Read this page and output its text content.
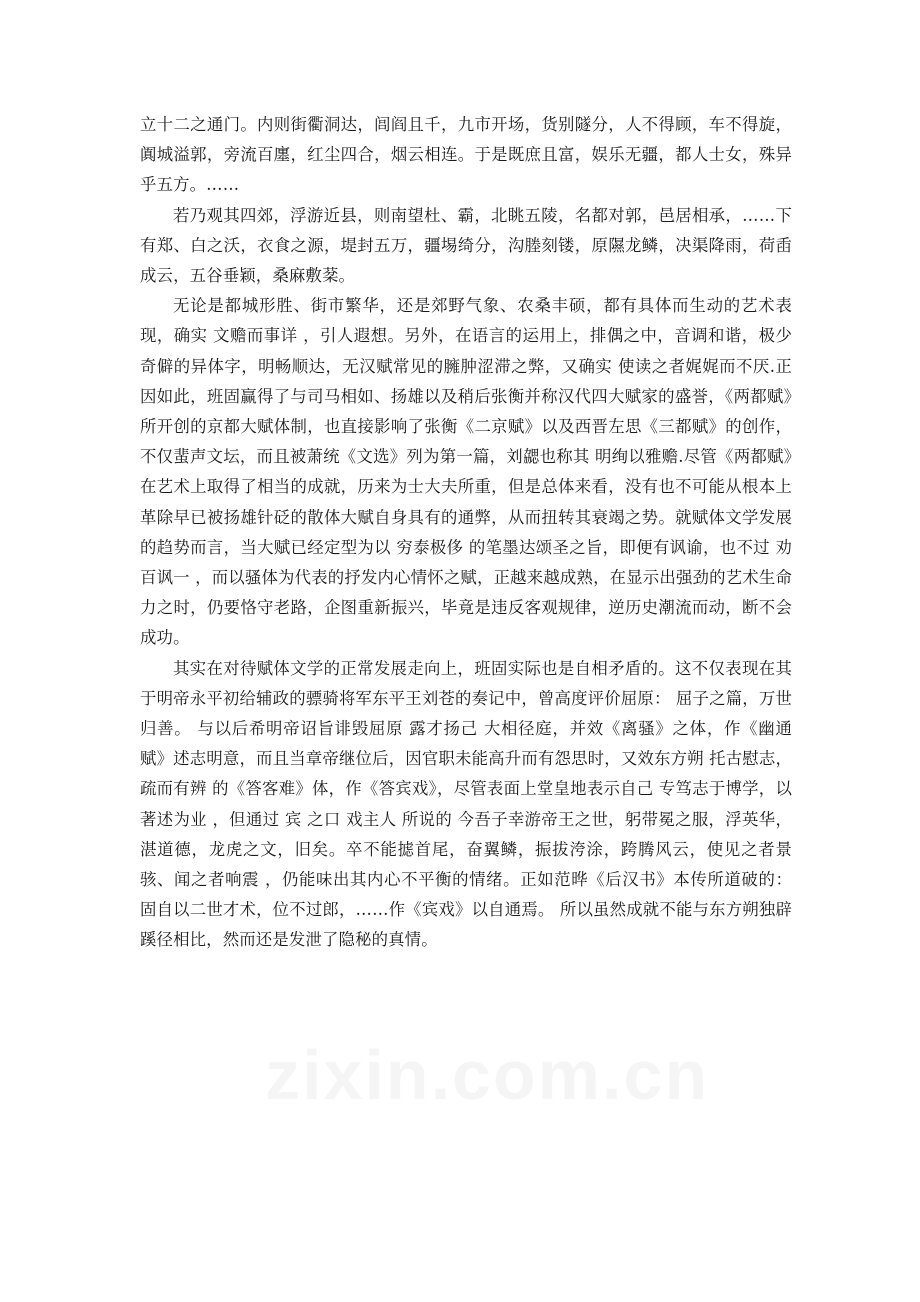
立十二之通门。内则街衢洞达，闾阎且千，九市开场，货别隧分，人不得顾，车不得旋，阗城溢郭，旁流百廛，红尘四合，烟云相连。于是既庶且富，娱乐无疆，都人士女，殊异乎五方。……

若乃观其四郊，浮游近县，则南望杜、霸，北眺五陵，名都对郭，邑居相承，……下有郑、白之沃，衣食之源，堤封五万，疆埸绮分，沟塍刻镂，原隰龙鳞，决渠降雨，荷臿成云，五谷垂颖，桑麻敷棻。

无论是都城形胜、街市繁华，还是郊野气象、农桑丰硕，都有具体而生动的艺术表现，确实 文赡而事详 ，引人遐想。另外，在语言的运用上，排偶之中，音调和谐，极少奇僻的异体字，明畅顺达，无汉赋常见的臃肿涩滞之弊，又确实 使读之者娓娓而不厌.正因如此，班固赢得了与司马相如、扬雄以及稍后张衡并称汉代四大赋家的盛誉，《两都赋》所开创的京都大赋体制，也直接影响了张衡《二京赋》以及西晋左思《三都赋》的创作，不仅蜚声文坛，而且被萧统《文选》列为第一篇，刘勰也称其 明绚以雅赡.尽管《两都赋》在艺术上取得了相当的成就，历来为士大夫所重，但是总体来看，没有也不可能从根本上革除早已被扬雄针砭的散体大赋自身具有的通弊，从而扭转其衰竭之势。就赋体文学发展的趋势而言，当大赋已经定型为以 穷泰极侈 的笔墨达颂圣之旨，即便有讽谕，也不过 劝百讽一 ，而以骚体为代表的抒发内心情怀之赋，正越来越成熟，在显示出强劲的艺术生命力之时，仍要恪守老路，企图重新振兴，毕竟是违反客观规律，逆历史潮流而动，断不会成功。

其实在对待赋体文学的正常发展走向上，班固实际也是自相矛盾的。这不仅表现在其于明帝永平初给辅政的骠骑将军东平王刘苍的奏记中，曾高度评价屈原： 屈子之篇，万世归善。 与以后希明帝诏旨诽毁屈原 露才扬己 大相径庭，并效《离骚》之体，作《幽通赋》述志明意，而且当章帝继位后，因官职未能高升而有怨思时，又效东方朔 托古慰志，疏而有辨 的《答客难》体，作《答宾戏》，尽管表面上堂皇地表示自己 专笃志于博学，以著述为业 ，但通过 宾 之口 戏主人 所说的 今吾子幸游帝王之世，躬带冕之服，浮英华，湛道德，龙虎之文，旧矣。卒不能摅首尾，奋翼鳞，振拔洿涂，跨腾风云，使见之者景骇、闻之者响震 ，仍能味出其内心不平衡的情绪。正如范晔《后汉书》本传所道破的： 固自以二世才术，位不过郎，……作《宾戏》以自通焉。 所以虽然成就不能与东方朔独辟蹊径相比，然而还是发泄了隐秘的真情。

zixin.com.cn
